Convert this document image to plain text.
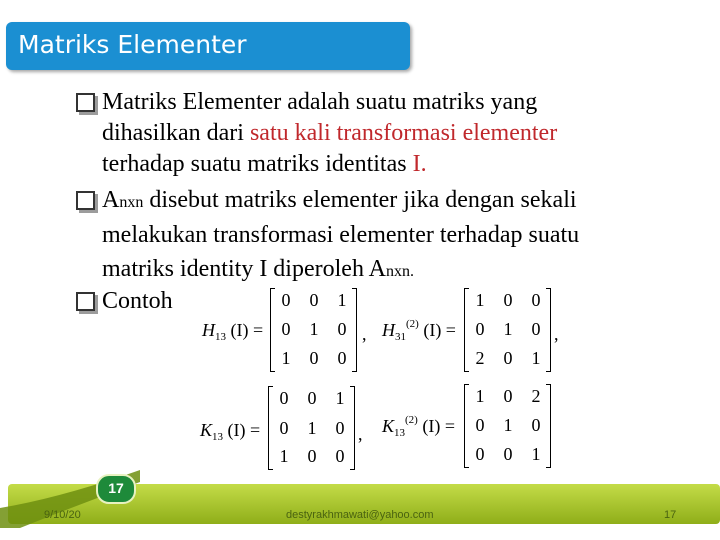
Matriks Elementer
Matriks Elementer adalah suatu matriks yang
dihasilkan dari satu kali transformasi elementer
terhadap suatu matriks identitas I.
Anxn disebut matriks elementer jika dengan sekali
melakukan transformasi elementer terhadap suatu
matriks identity I diperoleh Anxn.
Contoh
$H_{13}$ (I) =
0 0 1
0 1 0
1 0 0
, $H_{31}^{(2)}$ (I) =
1 0 0
0 1 0
2 0 1
,
$K_{13}$ (I) =
0 0 1
0 1 0
1 0 0
, $K_{13}^{(2)}$ (I) =
1 0 2
0 1 0
0 0 1
17
9/10/20	destyrakhmawati@yahoo.com	17
